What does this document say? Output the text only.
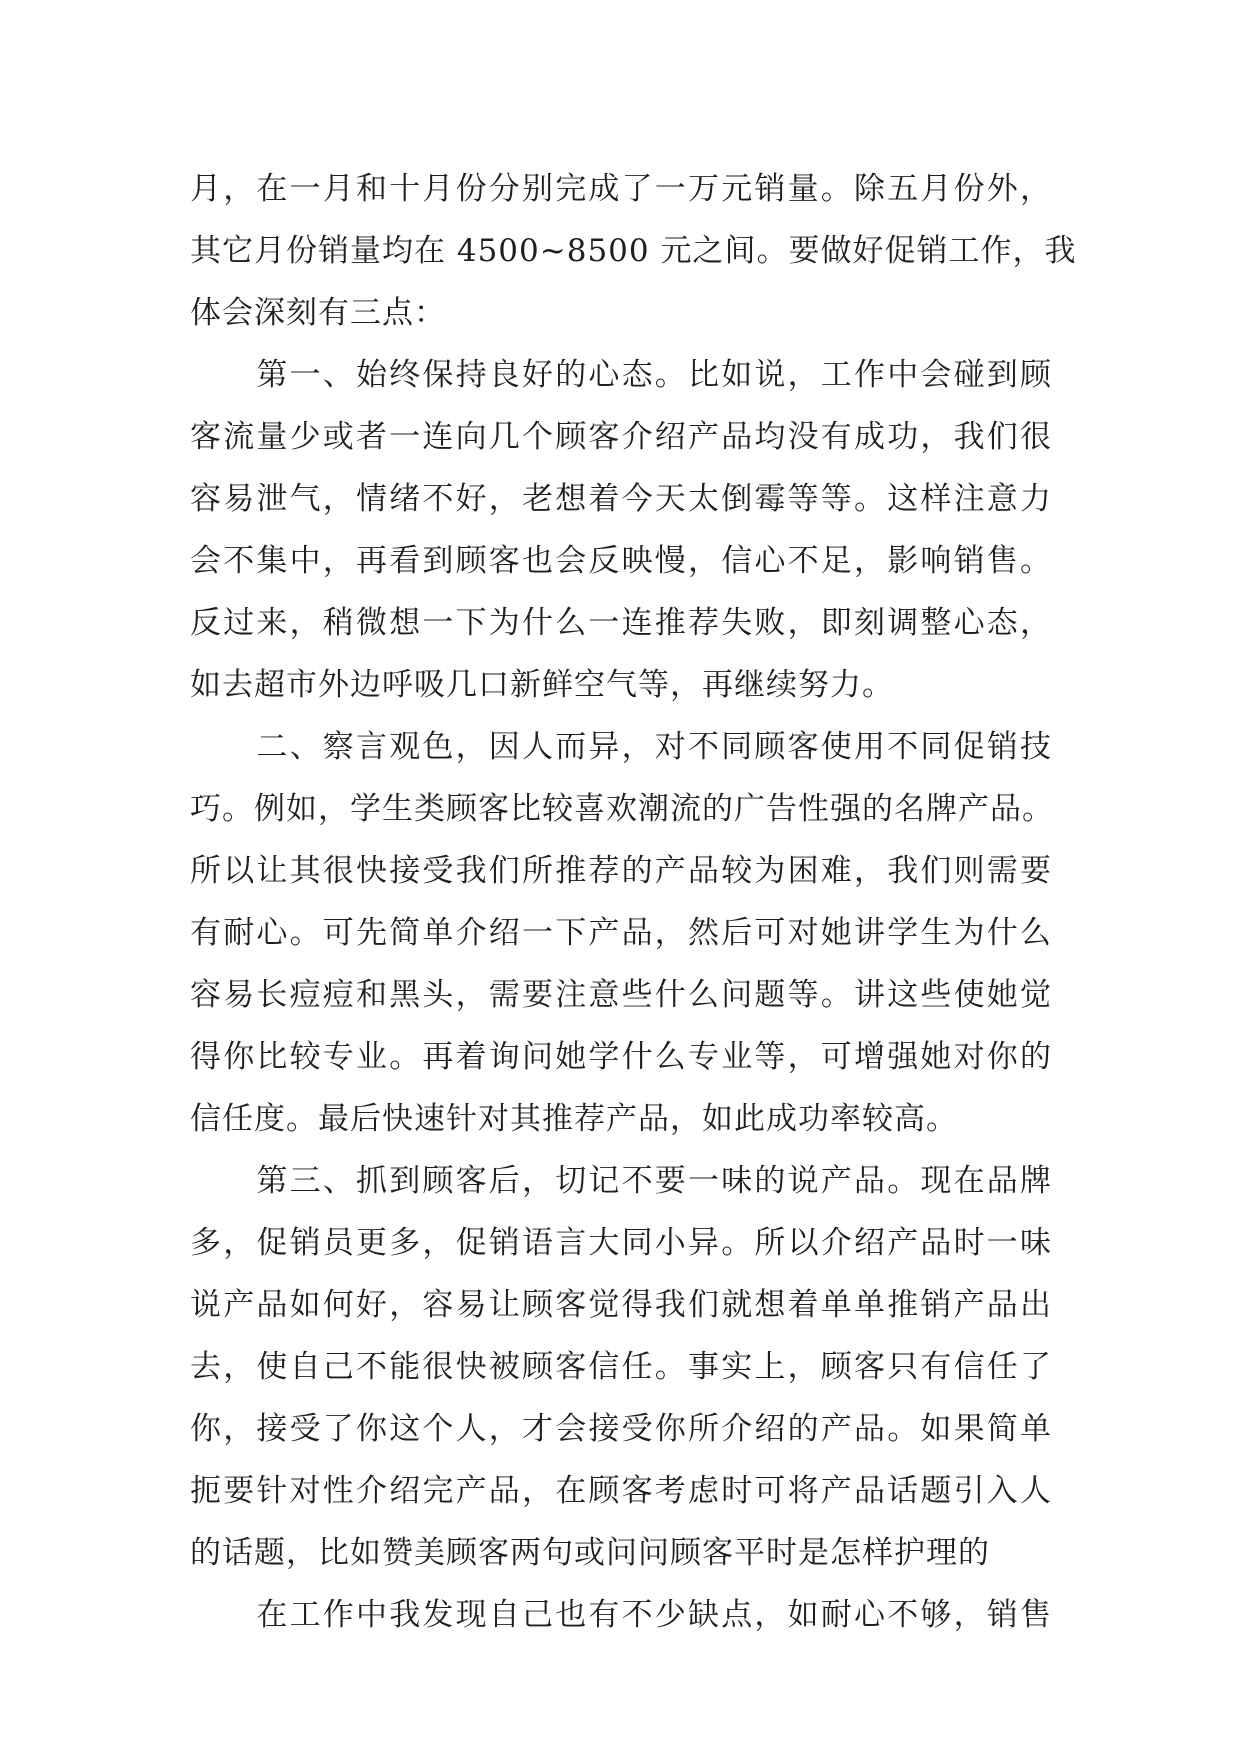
月，在一月和十月份分别完成了一万元销量。除五月份外，
其它月份销量均在 4500~8500 元之间。要做好促销工作，我
体会深刻有三点：
　　第一、始终保持良好的心态。比如说，工作中会碰到顾
客流量少或者一连向几个顾客介绍产品均没有成功，我们很
容易泄气，情绪不好，老想着今天太倒霉等等。这样注意力
会不集中，再看到顾客也会反映慢，信心不足，影响销售。
反过来，稍微想一下为什么一连推荐失败，即刻调整心态，
如去超市外边呼吸几口新鲜空气等，再继续努力。
　　二、察言观色，因人而异，对不同顾客使用不同促销技
巧。例如，学生类顾客比较喜欢潮流的广告性强的名牌产品。
所以让其很快接受我们所推荐的产品较为困难，我们则需要
有耐心。可先简单介绍一下产品，然后可对她讲学生为什么
容易长痘痘和黑头，需要注意些什么问题等。讲这些使她觉
得你比较专业。再着询问她学什么专业等，可增强她对你的
信任度。最后快速针对其推荐产品，如此成功率较高。
　　第三、抓到顾客后，切记不要一味的说产品。现在品牌
多，促销员更多，促销语言大同小异。所以介绍产品时一味
说产品如何好，容易让顾客觉得我们就想着单单推销产品出
去，使自己不能很快被顾客信任。事实上，顾客只有信任了
你，接受了你这个人，才会接受你所介绍的产品。如果简单
扼要针对性介绍完产品，在顾客考虑时可将产品话题引入人
的话题，比如赞美顾客两句或问问顾客平时是怎样护理的
　　在工作中我发现自己也有不少缺点，如耐心不够，销售
